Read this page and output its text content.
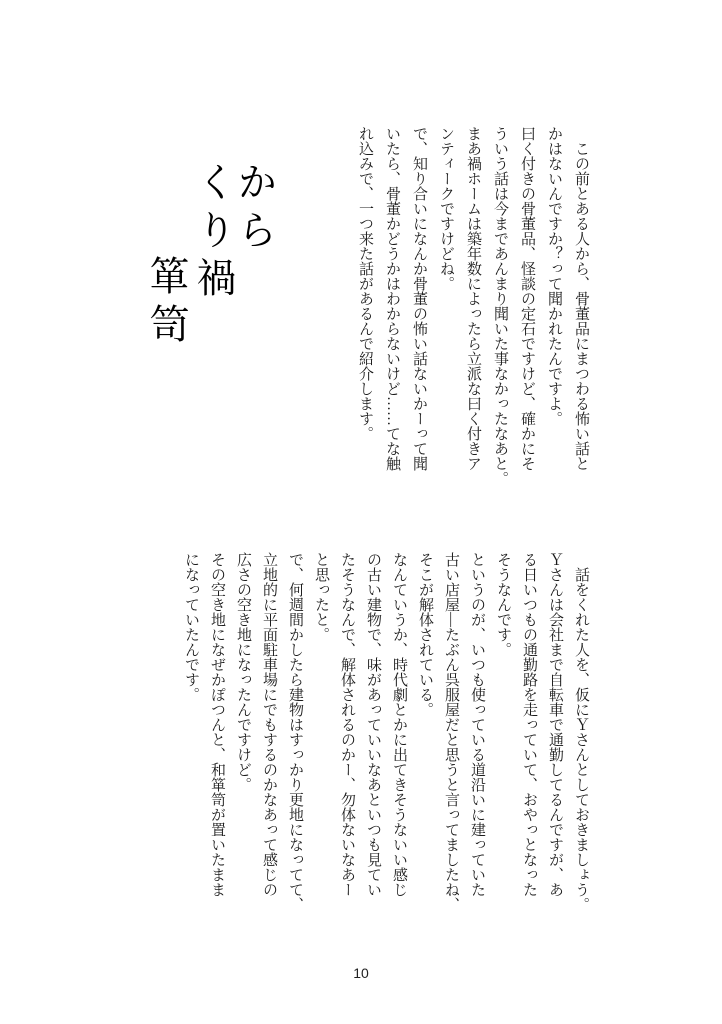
から
くり禍
箪笥	　この前とある人から、骨董品にまつわる怖い話と
かはないんですか？って聞かれたんですよ。
曰く付きの骨董品、怪談の定石ですけど、確かにそ
ういう話は今まであんまり聞いた事なかったなあと。
まあ禍ホームは築年数によったら立派な曰く付きア
ンティークですけどね。
で、知り合いになんか骨董の怖い話ないかーって聞
いたら、骨董かどうかはわからないけど……てな触
れ込みで、一つ来た話があるんで紹介します。
　話をくれた人を、仮にＹさんとしておきましょう。
Ｙさんは会社まで自転車で通勤してるんですが、あ
る日いつもの通勤路を走っていて、おやっとなった
そうなんです。
というのが、いつも使っている道沿いに建っていた
古い店屋―たぶん呉服屋だと思うと言ってましたね、
そこが解体されている。
なんていうか、時代劇とかに出てきそうないい感じ
の古い建物で、味があっていいなあといつも見てい
たそうなんで、解体されるのかー、勿体ないなあー
と思ったと。
で、何週間かしたら建物はすっかり更地になってて、
立地的に平面駐車場にでもするのかなあって感じの
広さの空き地になったんですけど。
その空き地になぜかぽつんと、和箪笥が置いたまま
になっていたんです。
10
